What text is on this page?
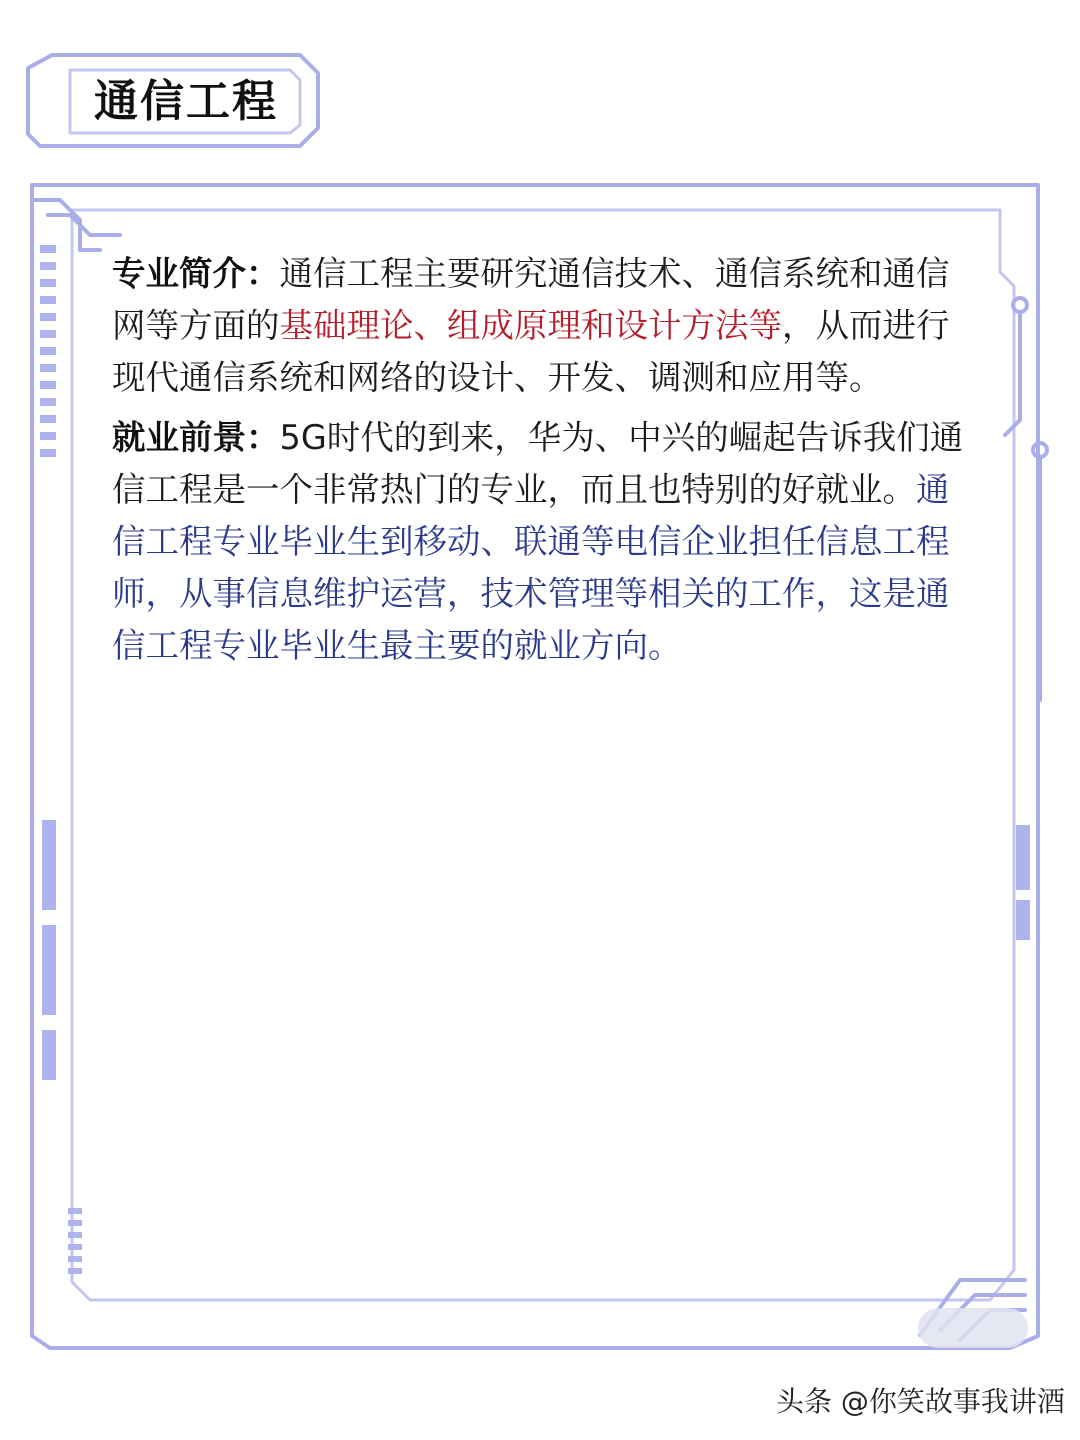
通信工程

专业简介：通信工程主要研究通信技术、通信系统和通信网等方面的基础理论、组成原理和设计方法等，从而进行现代通信系统和网络的设计、开发、调测和应用等。

就业前景：5G时代的到来，华为、中兴的崛起告诉我们通信工程是一个非常热门的专业，而且也特别的好就业。通信工程专业毕业生到移动、联通等电信企业担任信息工程师，从事信息维护运营，技术管理等相关的工作，这是通信工程专业毕业生最主要的就业方向。

头条 @你笑故事我讲酒
